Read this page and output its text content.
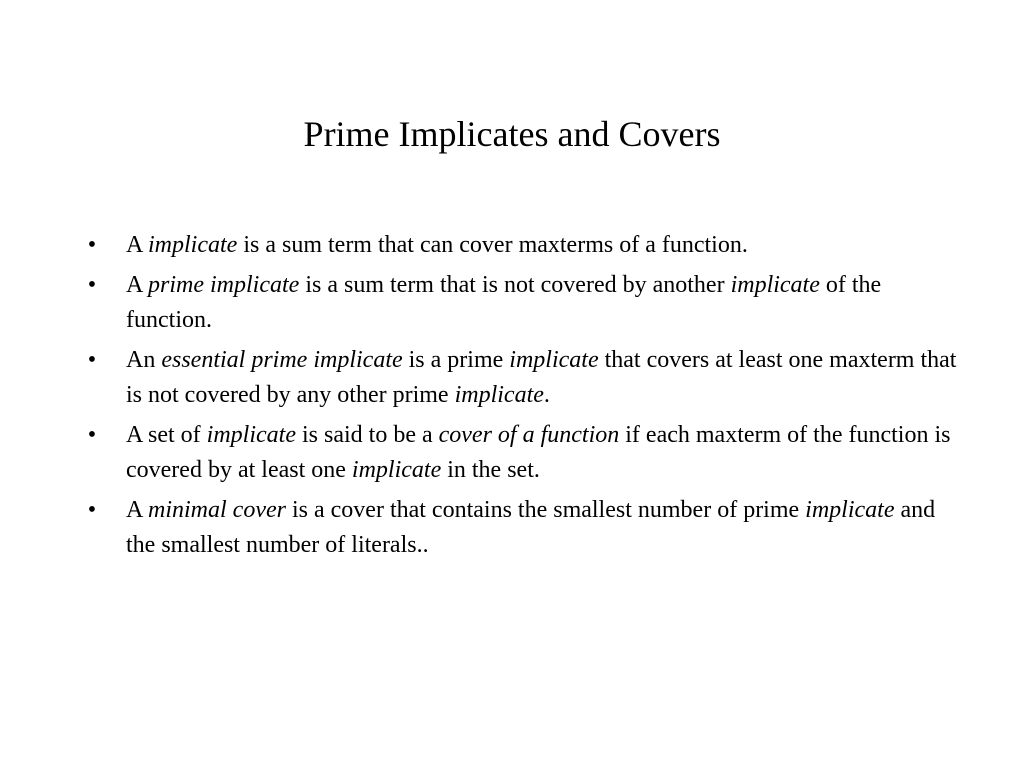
Prime Implicates and Covers
• A implicate is a sum term that can cover maxterms of a function.
• A prime implicate is a sum term that is not covered by another implicate of the function.
• An essential prime implicate is a prime implicate that covers at least one maxterm that is not covered by any other prime implicate.
• A set of implicate is said to be a cover of a function if each maxterm of the function is covered by at least one implicate in the set.
• A minimal cover is a cover that contains the smallest number of prime implicate and the smallest number of literals..
